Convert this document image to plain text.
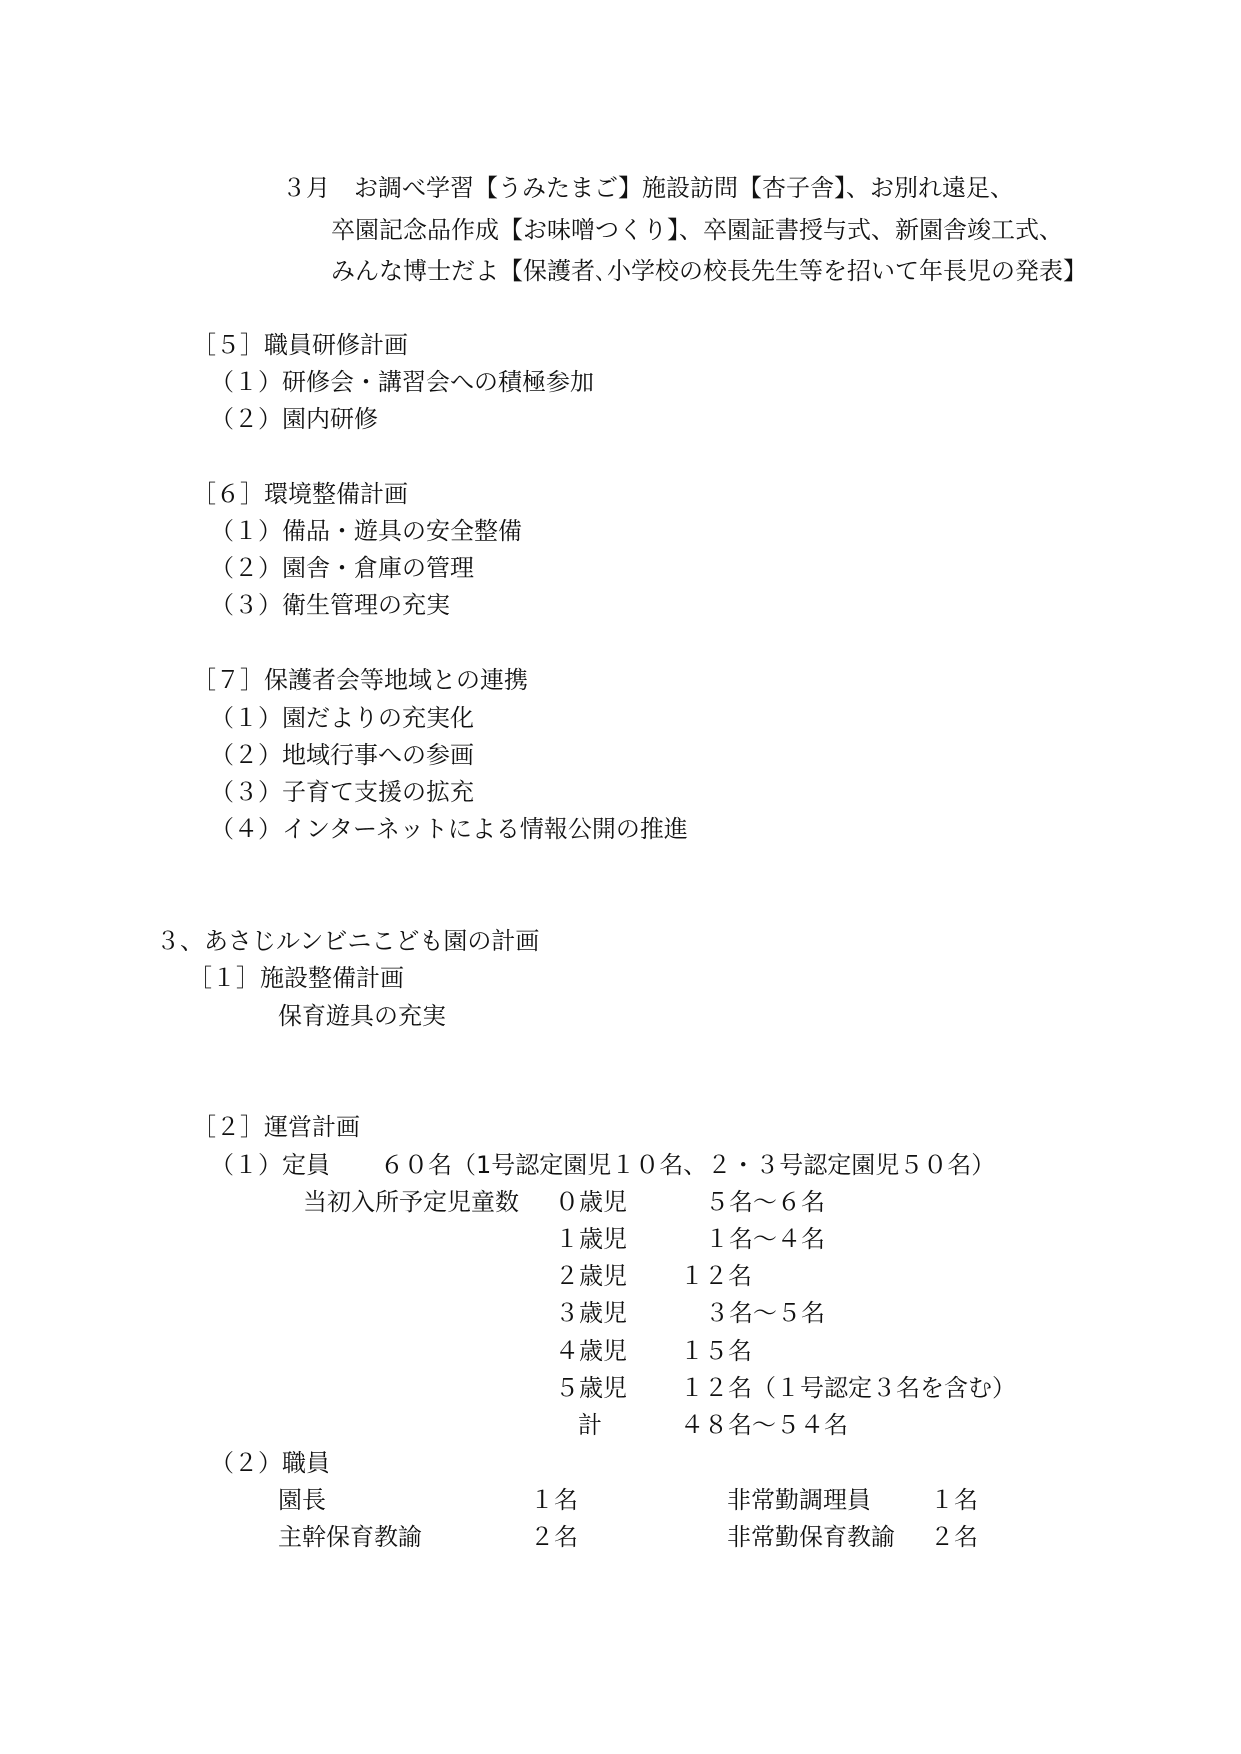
３月　お調べ学習【うみたまご】施設訪問【杏子舎】、お別れ遠足、
卒園記念品作成【お味噌つくり】、卒園証書授与式、新園舎竣工式、
みんな博士だよ【保護者､小学校の校長先生等を招いて年長児の発表】
［５］職員研修計画
（１）研修会・講習会への積極参加
（２）園内研修
［６］環境整備計画
（１）備品・遊具の安全整備
（２）園舎・倉庫の管理
（３）衛生管理の充実
［７］保護者会等地域との連携
（１）園だよりの充実化
（２）地域行事への参画
（３）子育て支援の拡充
（４）インターネットによる情報公開の推進
３、あさじルンビニこども園の計画
［１］施設整備計画
保育遊具の充実
［２］運営計画
（１）定員 ６０名（1号認定園児１０名、２・３号認定園児５０名）
当初入所予定児童数 ０歳児	５名～６名
１歳児	１名～４名
２歳児 １２名
３歳児	３名～５名
４歳児 １５名
５歳児 １２名（１号認定３名を含む）
計	４８名～５４名
（２）職員
園長	１名	非常勤調理員 １名
主幹保育教諭	２名	非常勤保育教諭 ２名
